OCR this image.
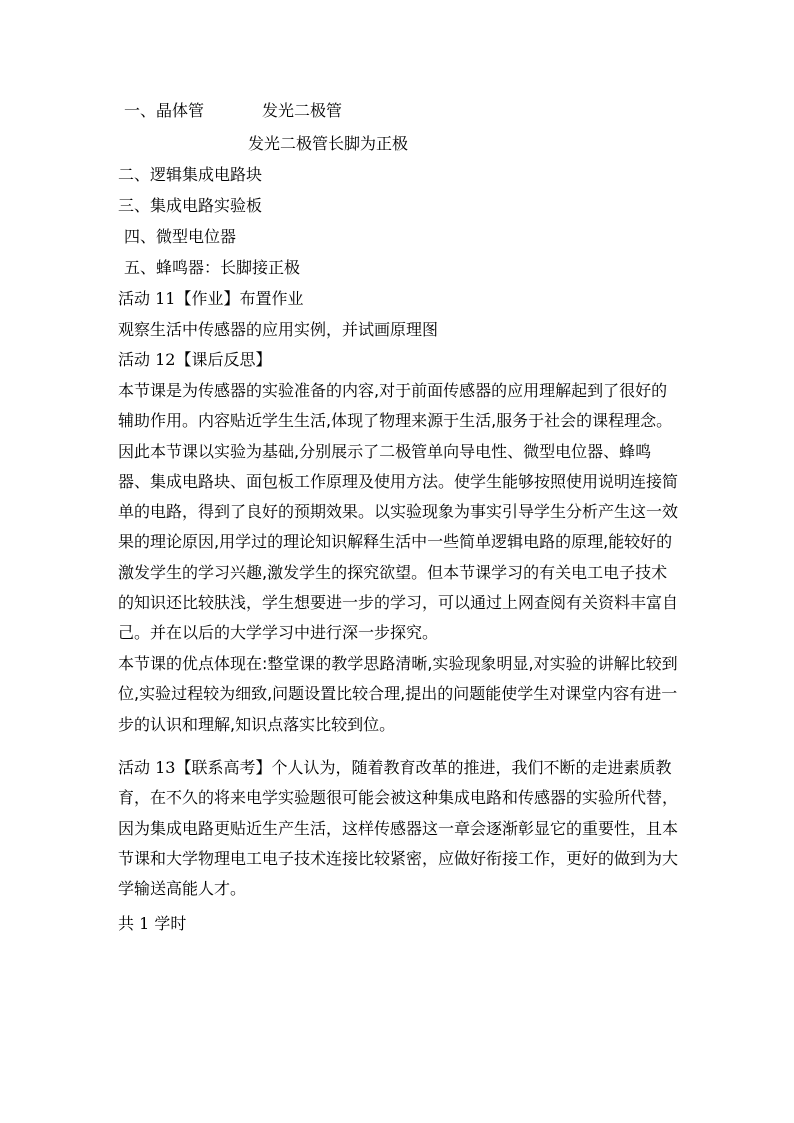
一、晶体管	发光二极管
发光二极管长脚为正极
二、逻辑集成电路块
三、集成电路实验板
四、微型电位器
五、蜂鸣器：长脚接正极
活动 11【作业】布置作业
观察生活中传感器的应用实例，并试画原理图
活动 12【课后反思】
本节课是为传感器的实验准备的内容,对于前面传感器的应用理解起到了很好的辅助作用。内容贴近学生生活,体现了物理来源于生活,服务于社会的课程理念。因此本节课以实验为基础,分别展示了二极管单向导电性、微型电位器、蜂鸣器、集成电路块、面包板工作原理及使用方法。使学生能够按照使用说明连接简单的电路，得到了良好的预期效果。以实验现象为事实引导学生分析产生这一效果的理论原因,用学过的理论知识解释生活中一些简单逻辑电路的原理,能较好的激发学生的学习兴趣,激发学生的探究欲望。但本节课学习的有关电工电子技术的知识还比较肤浅，学生想要进一步的学习，可以通过上网查阅有关资料丰富自己。并在以后的大学学习中进行深一步探究。
本节课的优点体现在:整堂课的教学思路清晰,实验现象明显,对实验的讲解比较到位,实验过程较为细致,问题设置比较合理,提出的问题能使学生对课堂内容有进一步的认识和理解,知识点落实比较到位。
活动 13【联系高考】个人认为，随着教育改革的推进，我们不断的走进素质教育，在不久的将来电学实验题很可能会被这种集成电路和传感器的实验所代替，因为集成电路更贴近生产生活，这样传感器这一章会逐渐彰显它的重要性，且本节课和大学物理电工电子技术连接比较紧密，应做好衔接工作，更好的做到为大学输送高能人才。
共 1 学时
